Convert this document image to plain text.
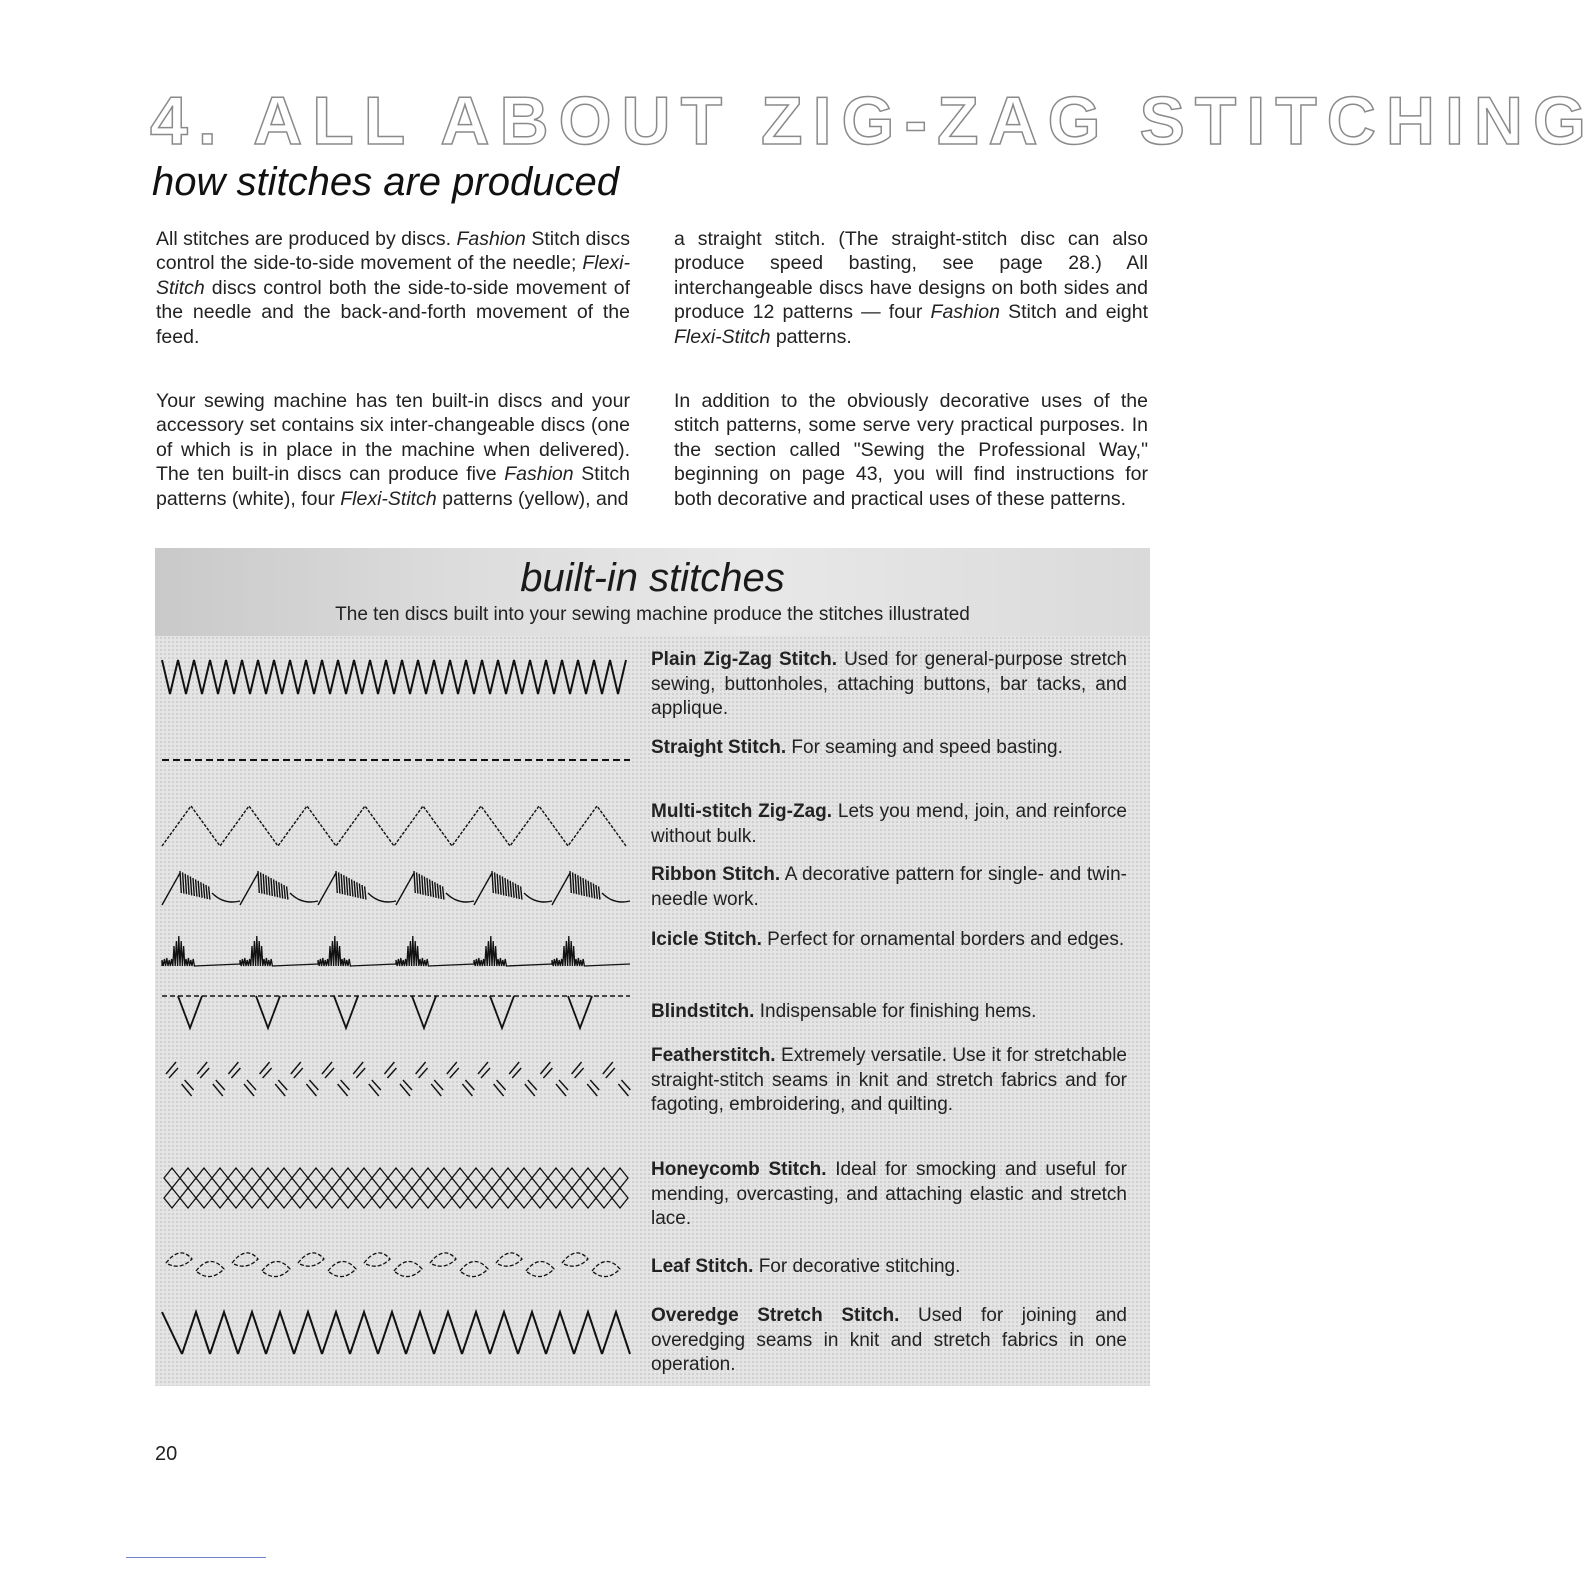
4. ALL ABOUT ZIG-ZAG STITCHING
how stitches are produced
All stitches are produced by discs. Fashion Stitch discs control the side-to-side movement of the needle; Flexi-Stitch discs control both the side-to-side movement of the needle and the back-and-forth movement of the feed.
a straight stitch. (The straight-stitch disc can also produce speed basting, see page 28.) All interchangeable discs have designs on both sides and produce 12 patterns — four Fashion Stitch and eight Flexi-Stitch patterns.
Your sewing machine has ten built-in discs and your accessory set contains six inter-changeable discs (one of which is in place in the machine when delivered). The ten built-in discs can produce five Fashion Stitch patterns (white), four Flexi-Stitch patterns (yellow), and
In addition to the obviously decorative uses of the stitch patterns, some serve very practical purposes. In the section called "Sewing the Professional Way," beginning on page 43, you will find instructions for both decorative and practical uses of these patterns.
built-in stitches
The ten discs built into your sewing machine produce the stitches illustrated
Plain Zig-Zag Stitch. Used for general-purpose stretch sewing, buttonholes, attaching buttons, bar tacks, and applique.
Straight Stitch. For seaming and speed basting.
Multi-stitch Zig-Zag. Lets you mend, join, and reinforce without bulk.
Ribbon Stitch. A decorative pattern for single- and twin-needle work.
Icicle Stitch. Perfect for ornamental borders and edges.
Blindstitch. Indispensable for finishing hems.
Featherstitch. Extremely versatile. Use it for stretchable straight-stitch seams in knit and stretch fabrics and for fagoting, embroidering, and quilting.
Honeycomb Stitch. Ideal for smocking and useful for mending, overcasting, and attaching elastic and stretch lace.
Leaf Stitch. For decorative stitching.
Overedge Stretch Stitch. Used for joining and overedging seams in knit and stretch fabrics in one operation.
20
